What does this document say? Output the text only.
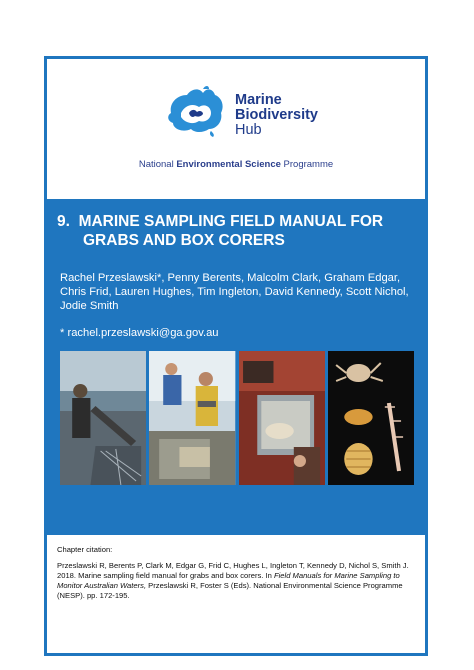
Marine
Biodiversity
Hub
National Environmental Science Programme
9. MARINE SAMPLING FIELD MANUAL FOR
GRABS AND BOX CORERS
Rachel Przeslawski*, Penny Berents, Malcolm Clark, Graham Edgar, Chris Frid, Lauren Hughes, Tim Ingleton, David Kennedy, Scott Nichol, Jodie Smith
* rachel.przeslawski@ga.gov.au
Chapter citation:
Przeslawski R, Berents P, Clark M, Edgar G, Frid C, Hughes L, Ingleton T, Kennedy D, Nichol S, Smith J. 2018. Marine sampling field manual for grabs and box corers. In Field Manuals for Marine Sampling to Monitor Australian Waters, Przeslawski R, Foster S (Eds). National Environmental Science Programme (NESP). pp. 172-195.
